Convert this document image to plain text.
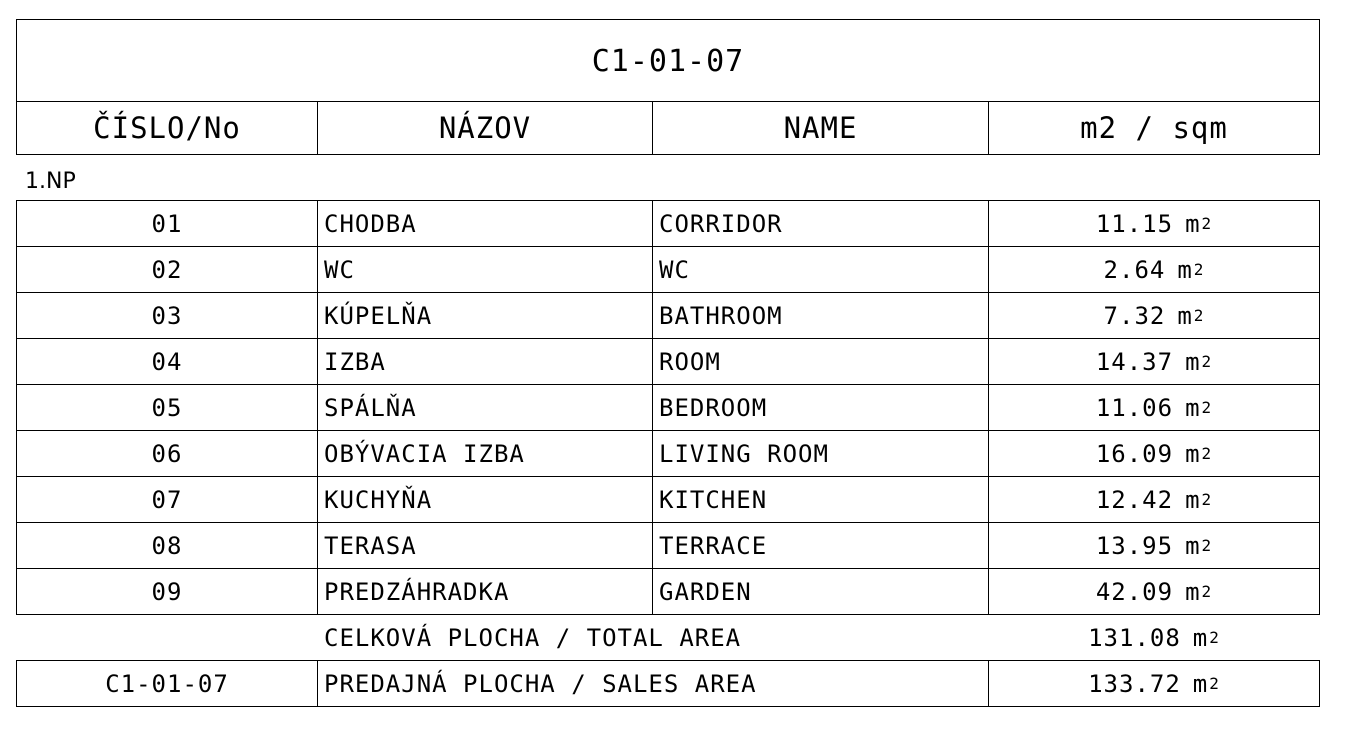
C1-01-07
ČÍSLO/No	NÁZOV	NAME	m2 / sqm
1.NP
01	CHODBA	CORRIDOR	11.15 m 2
02	WC	WC	2.64 m 2
03	KÚPELŇA	BATHROOM	7.32 m 2
04	IZBA	ROOM	14.37 m 2
05	SPÁLŇA	BEDROOM	11.06 m 2
06	OBÝVACIA IZBA	LIVING ROOM	16.09 m 2
07	KUCHYŇA	KITCHEN	12.42 m 2
08	TERASA	TERRACE	13.95 m 2
09	PREDZÁHRADKA	GARDEN	42.09 m 2
CELKOVÁ PLOCHA / TOTAL AREA	131.08 m 2
C1-01-07	PREDAJNÁ PLOCHA / SALES AREA	133.72 m 2
